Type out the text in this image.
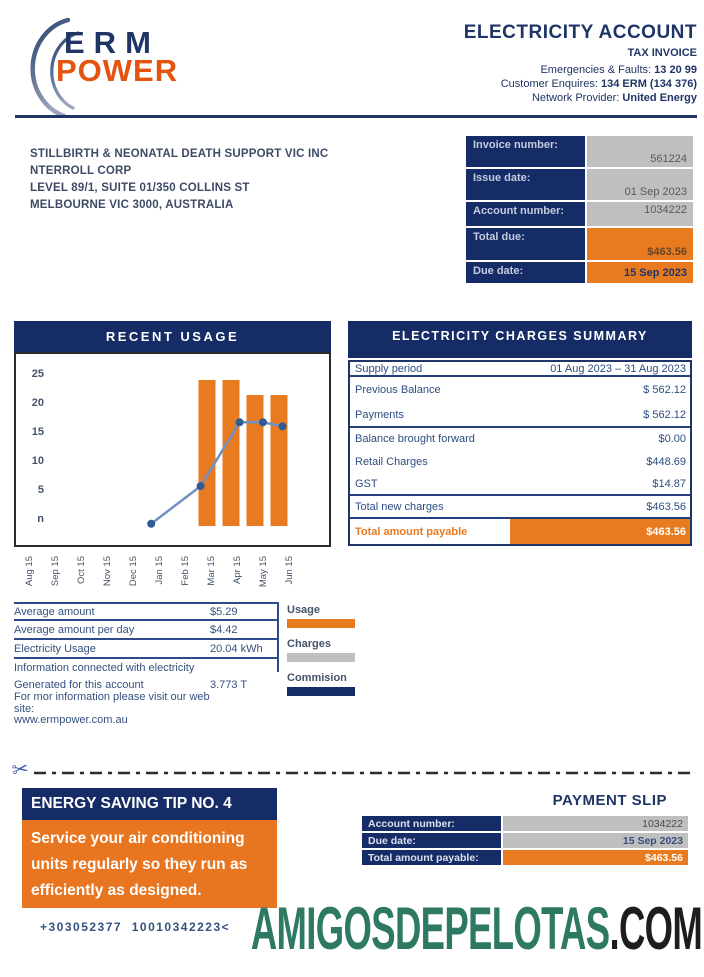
ERM
POWER
ELECTRICITY ACCOUNT
TAX INVOICE
Emergencies & Faults: 13 20 99
Customer Enquires: 134 ERM (134 376)
Network Provider: United Energy
STILLBIRTH & NEONATAL DEATH SUPPORT VIC INC
NTERROLL CORP
LEVEL 89/1, SUITE 01/350 COLLINS ST
MELBOURNE VIC 3000, AUSTRALIA
Invoice number:
561224
Issue date:
01 Sep 2023
Account number:	1034222
Total due:
$463.56
Due date:	15 Sep 2023
RECENT USAGE
25
20
15
10
5
n
Aug 15 Sep 15 Oct 15 Nov 15 Dec 15 Jan 15 Feb 15 Mar 15 Apr 15 May 15 Jun 15
ELECTRICITY CHARGES SUMMARY
Supply period	01 Aug 2023 – 31 Aug 2023
Previous Balance	$ 562.12
Payments	$ 562.12
Balance brought forward	$0.00
Retail Charges	$448.69
GST	$14.87
Total new charges	$463.56
Total amount payable	$463.56
Average amount	$5.29
Average amount per day	$4.42
Electricity Usage	20.04 kWh
Information connected with electricity
Generated for this account	3.773 T
For mor information please visit our web site:
www.ermpower.com.au
Usage
Charges
Commision
✂
ENERGY SAVING TIP NO. 4
Service your air conditioning
units regularly so they run as
efficiently as designed.
+303052377  10010342223<
PAYMENT SLIP
Account number:	1034222
Due date:	15 Sep 2023
Total amount payable:	$463.56
AMIGOSDEPELOTAS.COM
